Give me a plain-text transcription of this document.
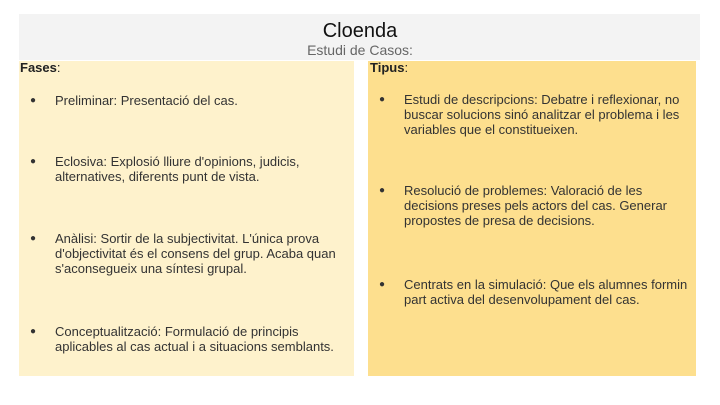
Cloenda
Estudi de Casos:
Fases:	Tipus:
● Preliminar: Presentació del cas.
● Eclosiva: Explosió lliure d'opinions, judicis, alternatives, diferents punt de vista.
● Anàlisi: Sortir de la subjectivitat. L'única prova d'objectivitat és el consens del grup. Acaba quan s'aconsegueix una síntesi grupal.
● Conceptualització: Formulació de principis aplicables al cas actual i a situacions semblants.
● Estudi de descripcions: Debatre i reflexionar, no buscar solucions sinó analitzar el problema i les variables que el constitueixen.
● Resolució de problemes: Valoració de les decisions preses pels actors del cas. Generar propostes de presa de decisions.
● Centrats en la simulació: Que els alumnes formin part activa del desenvolupament del cas.
